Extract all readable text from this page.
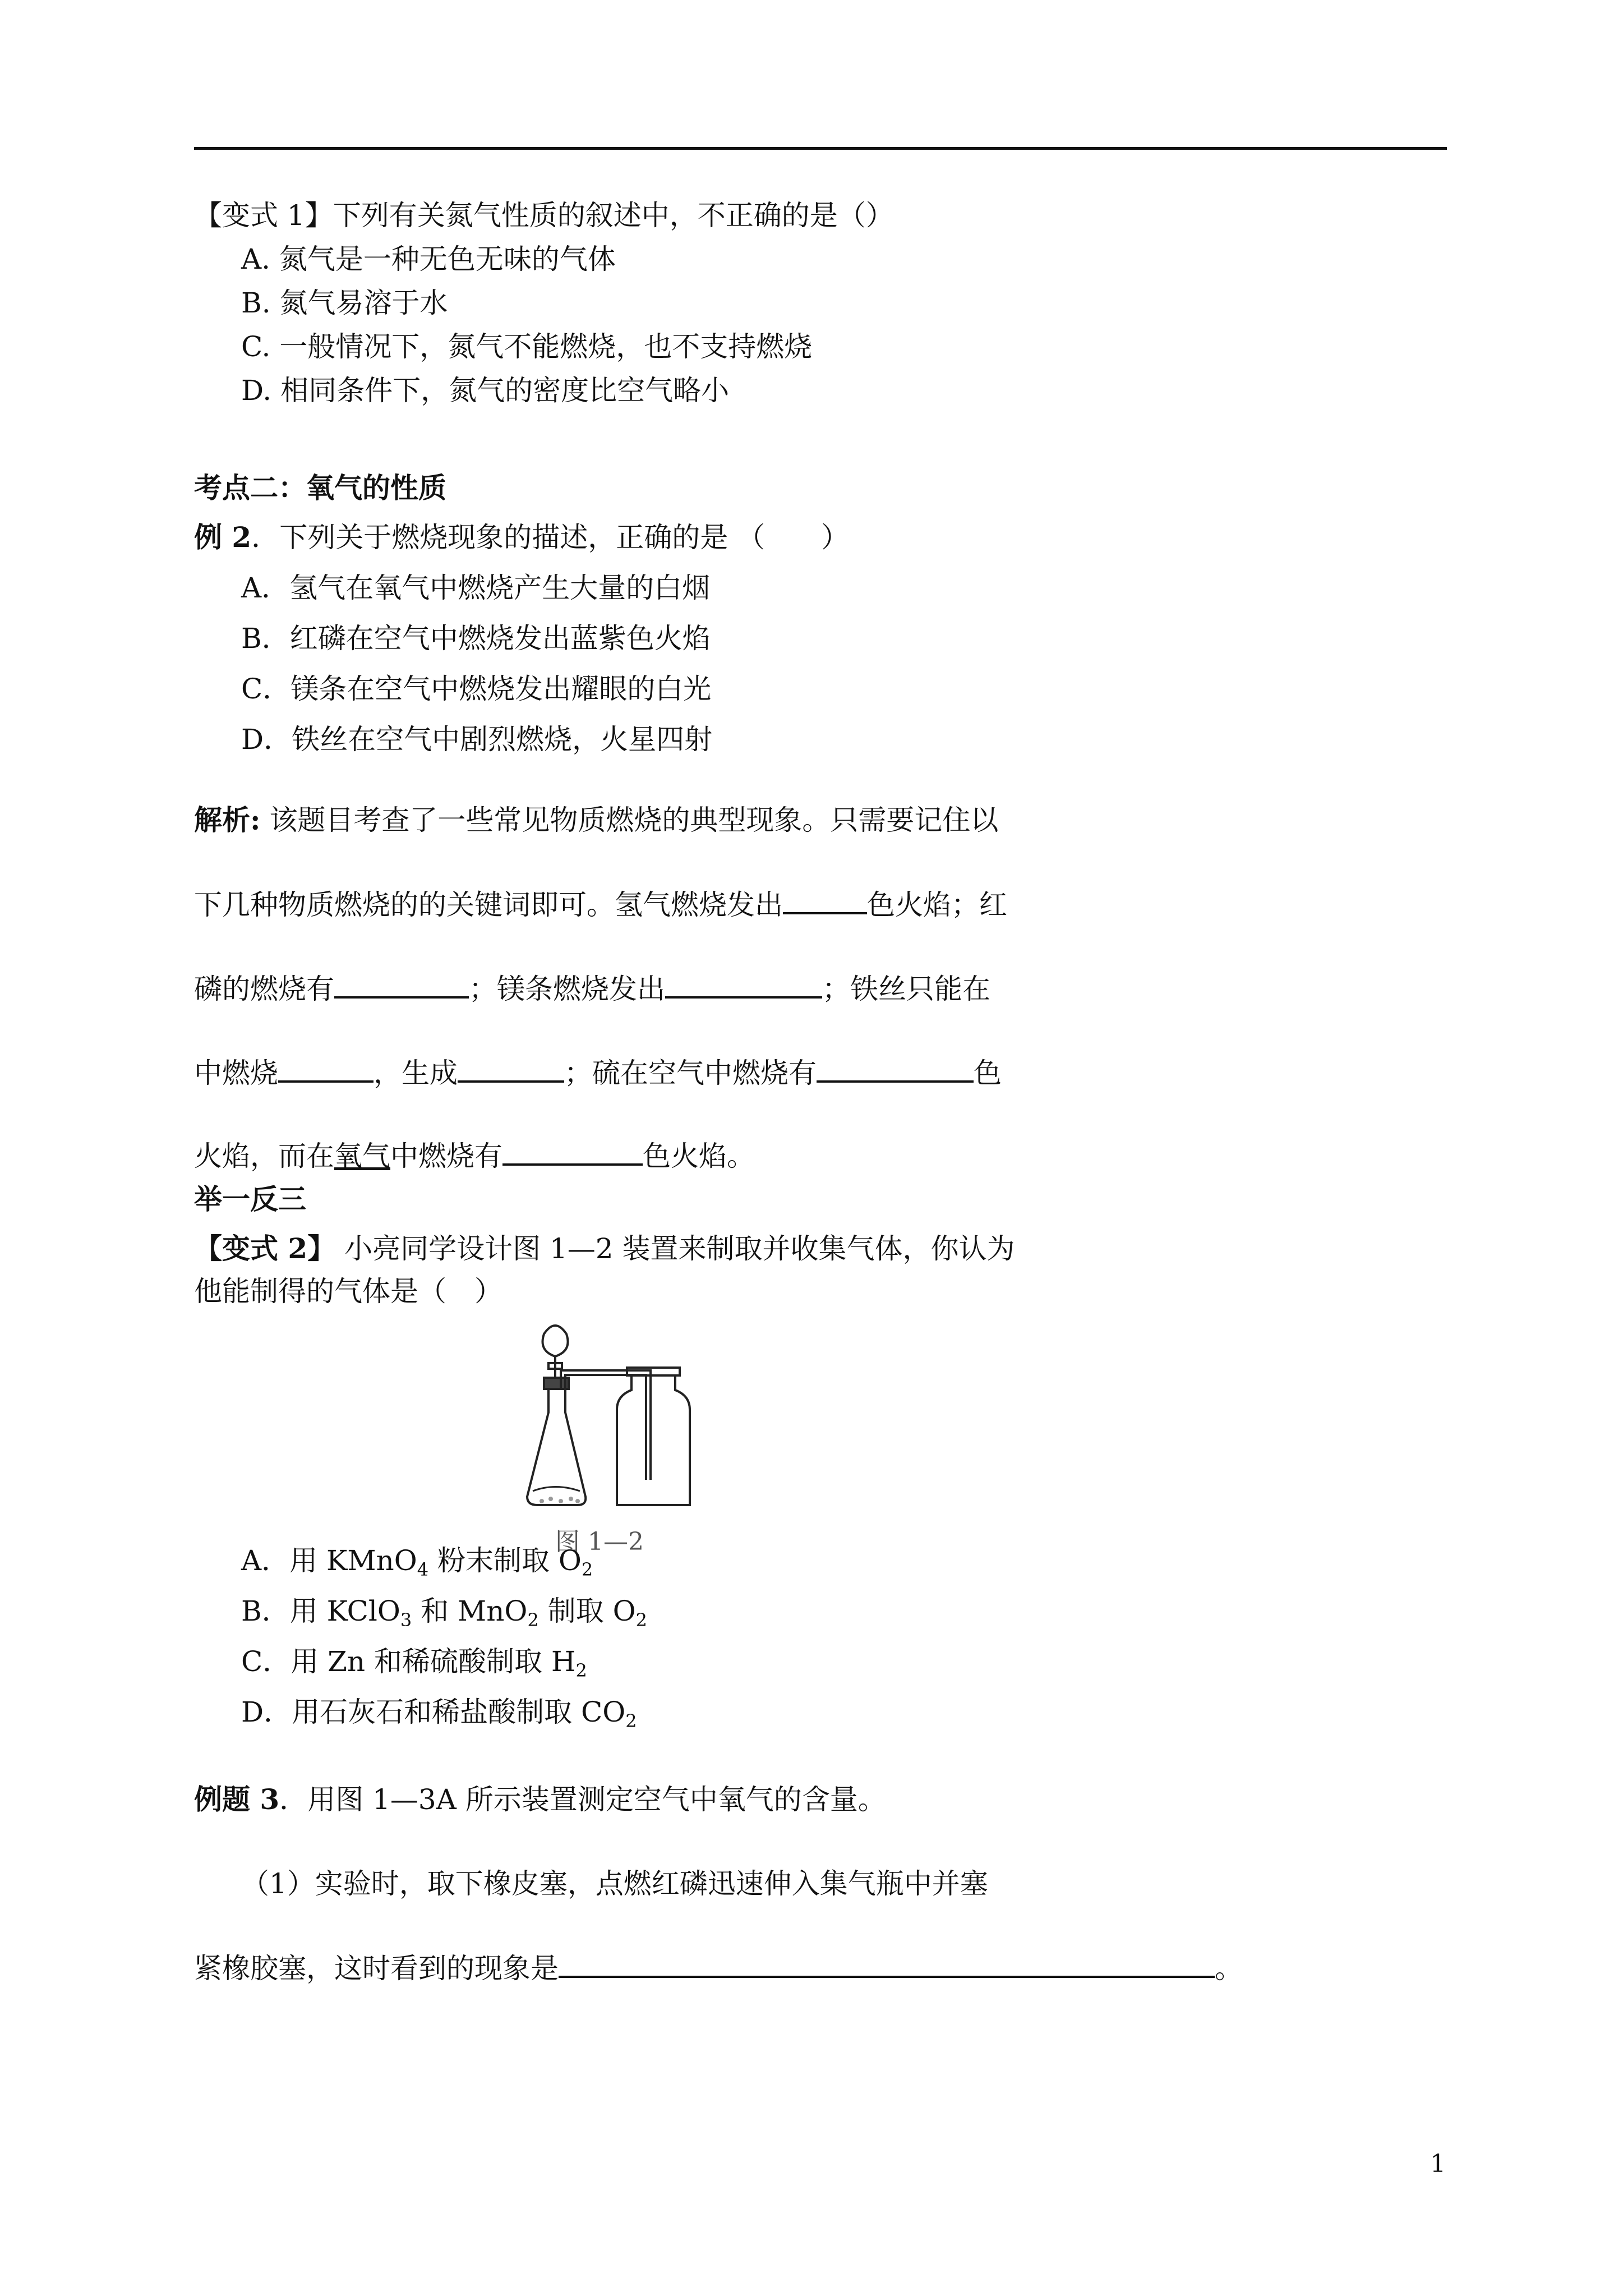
【变式 1】下列有关氮气性质的叙述中，不正确的是（）
A. 氮气是一种无色无味的气体
B. 氮气易溶于水
C. 一般情况下，氮气不能燃烧，也不支持燃烧
D. 相同条件下，氮气的密度比空气略小
考点二：氧气的性质
例 2．下列关于燃烧现象的描述，正确的是 （　　）
A．氢气在氧气中燃烧产生大量的白烟
B．红磷在空气中燃烧发出蓝紫色火焰
C．镁条在空气中燃烧发出耀眼的白光
D．铁丝在空气中剧烈燃烧，火星四射
解析: 该题目考查了一些常见物质燃烧的典型现象。只需要记住以
下几种物质燃烧的的关键词即可。氢气燃烧发出	色火焰；红
磷的燃烧有	；镁条燃烧发出	；铁丝只能在
中燃烧	，生成	；硫在空气中燃烧有	色
火焰，而在氧气中燃烧有	色火焰。
举一反三
【变式 2】 小亮同学设计图 1—2 装置来制取并收集气体，你认为
他能制得的气体是（　）
图 1—2
A．用 KMnO$_4$ 粉末制取 $O_2$
B．用 KClO$_3$ 和 MnO$_2$ 制取 $O_2$
C．用 Zn 和稀硫酸制取 $H_2$
D．用石灰石和稀盐酸制取 $CO_2$
例题 3．用图 1—3A 所示装置测定空气中氧气的含量。
（1）实验时，取下橡皮塞，点燃红磷迅速伸入集气瓶中并塞
紧橡胶塞，这时看到的现象是	。
1
